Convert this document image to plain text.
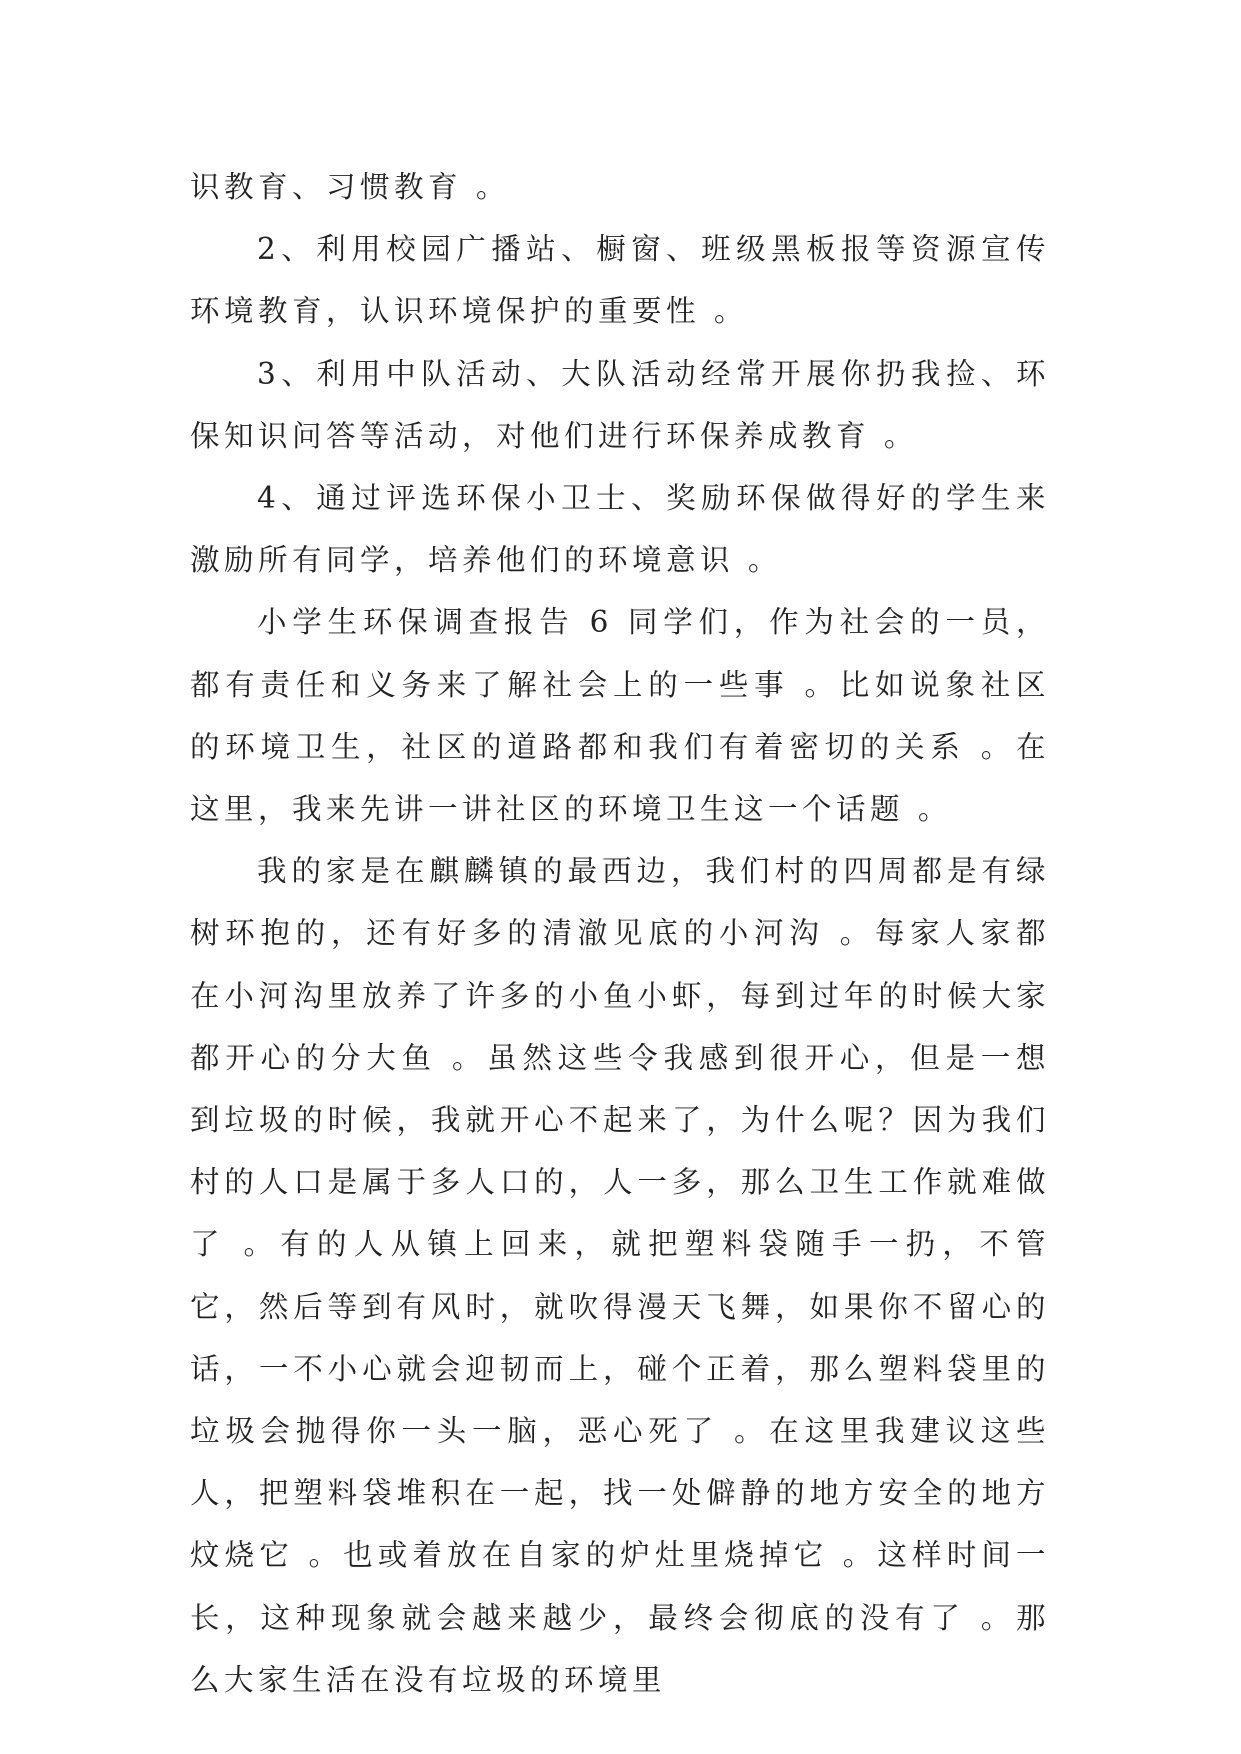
识教育、习惯教育 。

2、利用校园广播站、橱窗、班级黑板报等资源宣传环境教育，认识环境保护的重要性 。

3、利用中队活动、大队活动经常开展你扔我捡、环保知识问答等活动，对他们进行环保养成教育 。

4、通过评选环保小卫士、奖励环保做得好的学生来激励所有同学，培养他们的环境意识 。

小学生环保调查报告 6 同学们，作为社会的一员，都有责任和义务来了解社会上的一些事 。比如说象社区的环境卫生，社区的道路都和我们有着密切的关系 。在这里，我来先讲一讲社区的环境卫生这一个话题 。

我的家是在麒麟镇的最西边，我们村的四周都是有绿树环抱的，还有好多的清澈见底的小河沟 。每家人家都在小河沟里放养了许多的小鱼小虾，每到过年的时候大家都开心的分大鱼 。虽然这些令我感到很开心，但是一想到垃圾的时候，我就开心不起来了，为什么呢？因为我们村的人口是属于多人口的，人一多，那么卫生工作就难做了 。有的人从镇上回来，就把塑料袋随手一扔，不管它，然后等到有风时，就吹得漫天飞舞，如果你不留心的话，一不小心就会迎韧而上，碰个正着，那么塑料袋里的垃圾会抛得你一头一脑，恶心死了 。在这里我建议这些人，把塑料袋堆积在一起，找一处僻静的地方安全的地方炆烧它 。也或着放在自家的炉灶里烧掉它 。这样时间一长，这种现象就会越来越少，最终会彻底的没有了 。那么大家生活在没有垃圾的环境里
